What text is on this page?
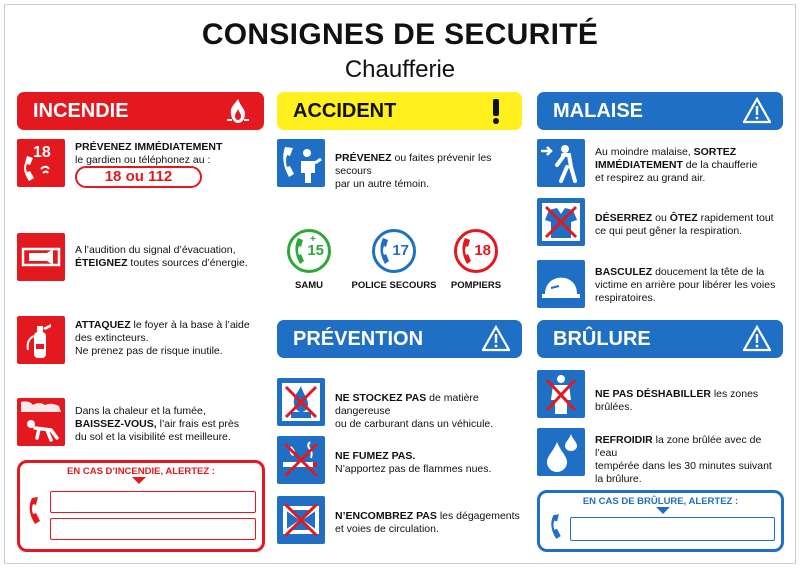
CONSIGNES DE SECURITÉ
Chaufferie
INCENDIE
18 PRÉVENEZ IMMÉDIATEMENT
le gardien ou téléphonez au :
18 ou 112
A l’audition du signal d’évacuation,
ÉTEIGNEZ toutes sources d’énergie.
ATTAQUEZ le foyer à la base à l’aide
des extincteurs.
Ne prenez pas de risque inutile.
Dans la chaleur et la fumée,
BAISSEZ-VOUS, l’air frais est près
du sol et la visibilité est meilleure.
EN CAS D’INCENDIE, ALERTEZ :
ACCIDENT
PRÉVENEZ ou faites prévenir les secours
par un autre témoin.
+
15
SAMU
17
POLICE SECOURS
18
POMPIERS
PRÉVENTION
NE STOCKEZ PAS de matière dangereuse
ou de carburant dans un véhicule.
NE FUMEZ PAS.
N’apportez pas de flammes nues.
N’ENCOMBREZ PAS les dégagements
et voies de circulation.
MALAISE
Au moindre malaise, SORTEZ
IMMÉDIATEMENT de la chaufferie
et respirez au grand air.
DÉSERREZ ou ÔTEZ rapidement tout
ce qui peut gêner la respiration.
BASCULEZ doucement la tête de la
victime en arrière pour libérer les voies
respiratoires.
BRÛLURE
NE PAS DÉSHABILLER les zones brûlées.
REFROIDIR la zone brûlée avec de l’eau
tempérée dans les 30 minutes suivant
la brûlure.
EN CAS DE BRÛLURE, ALERTEZ :
